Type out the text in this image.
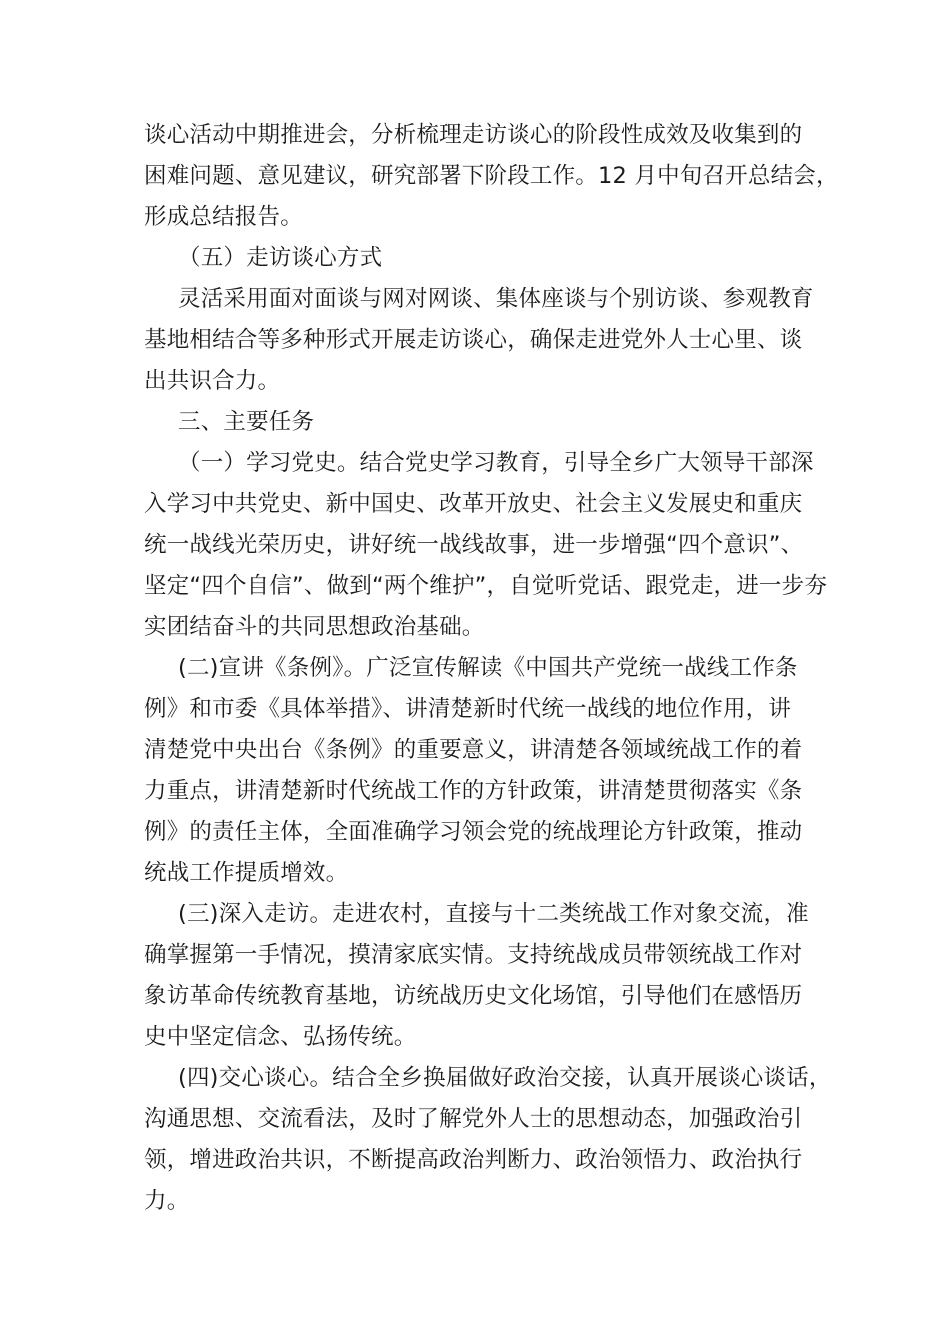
谈心活动中期推进会，分析梳理走访谈心的阶段性成效及收集到的
困难问题、意见建议，研究部署下阶段工作。12 月中旬召开总结会，
形成总结报告。
（五）走访谈心方式
灵活采用面对面谈与网对网谈、集体座谈与个别访谈、参观教育
基地相结合等多种形式开展走访谈心，确保走进党外人士心里、谈
出共识合力。
三、主要任务
（一）学习党史。结合党史学习教育，引导全乡广大领导干部深
入学习中共党史、新中国史、改革开放史、社会主义发展史和重庆
统一战线光荣历史，讲好统一战线故事，进一步增强“四个意识”、
坚定“四个自信”、做到“两个维护”，自觉听党话、跟党走，进一步夯
实团结奋斗的共同思想政治基础。
(二)宣讲《条例》。广泛宣传解读《中国共产党统一战线工作条
例》和市委《具体举措》、讲清楚新时代统一战线的地位作用，讲
清楚党中央出台《条例》的重要意义，讲清楚各领域统战工作的着
力重点，讲清楚新时代统战工作的方针政策，讲清楚贯彻落实《条
例》的责任主体，全面准确学习领会党的统战理论方针政策，推动
统战工作提质增效。
(三)深入走访。走进农村，直接与十二类统战工作对象交流，准
确掌握第一手情况，摸清家底实情。支持统战成员带领统战工作对
象访革命传统教育基地，访统战历史文化场馆，引导他们在感悟历
史中坚定信念、弘扬传统。
(四)交心谈心。结合全乡换届做好政治交接，认真开展谈心谈话，
沟通思想、交流看法，及时了解党外人士的思想动态，加强政治引
领，增进政治共识，不断提高政治判断力、政治领悟力、政治执行
力。
